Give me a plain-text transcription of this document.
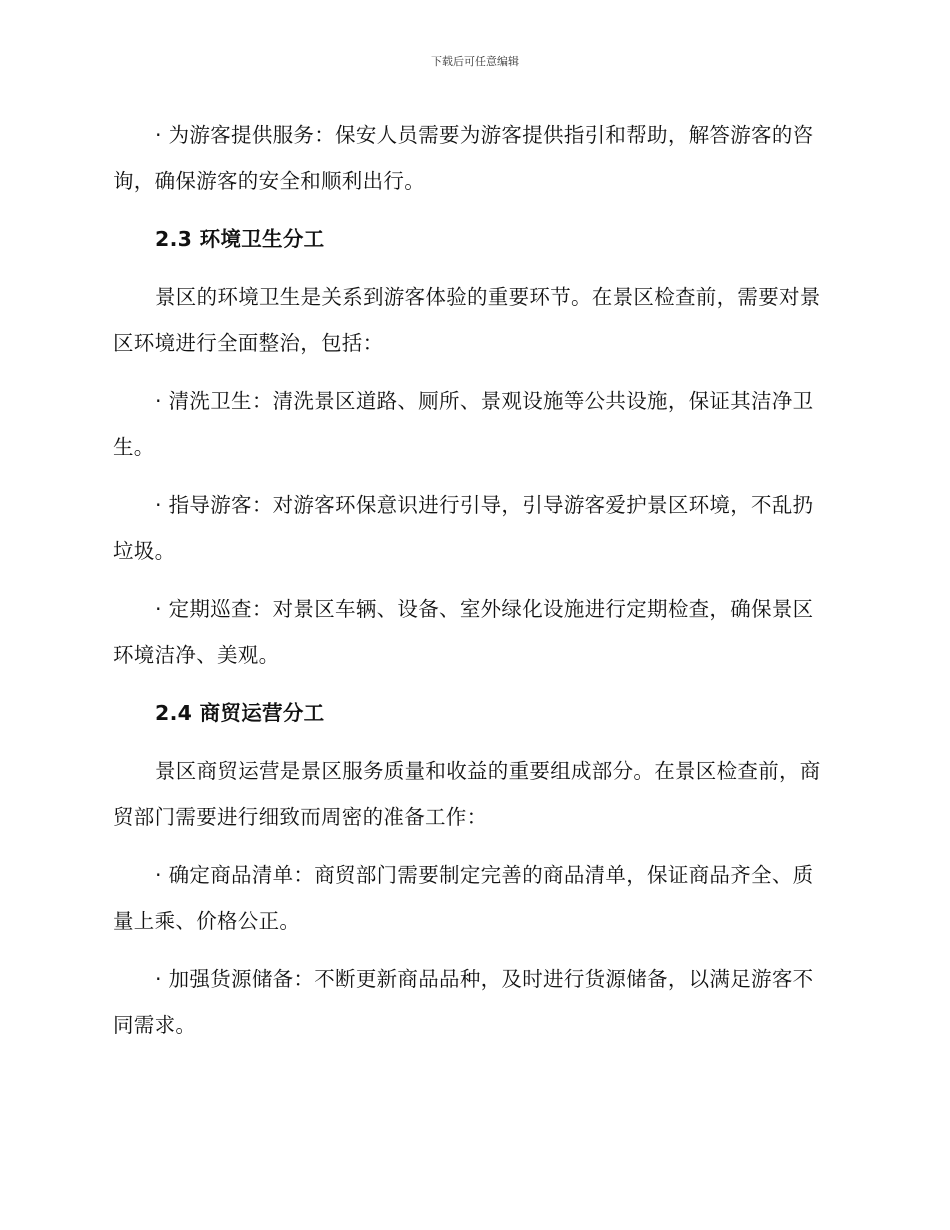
下载后可任意编辑

· 为游客提供服务：保安人员需要为游客提供指引和帮助，解答游客的咨询，确保游客的安全和顺利出行。

2.3 环境卫生分工

景区的环境卫生是关系到游客体验的重要环节。在景区检查前，需要对景区环境进行全面整治，包括：

· 清洗卫生：清洗景区道路、厕所、景观设施等公共设施，保证其洁净卫生。

· 指导游客：对游客环保意识进行引导，引导游客爱护景区环境，不乱扔垃圾。

· 定期巡查：对景区车辆、设备、室外绿化设施进行定期检查，确保景区环境洁净、美观。

2.4 商贸运营分工

景区商贸运营是景区服务质量和收益的重要组成部分。在景区检查前，商贸部门需要进行细致而周密的准备工作：

· 确定商品清单：商贸部门需要制定完善的商品清单，保证商品齐全、质量上乘、价格公正。

· 加强货源储备：不断更新商品品种，及时进行货源储备，以满足游客不同需求。
